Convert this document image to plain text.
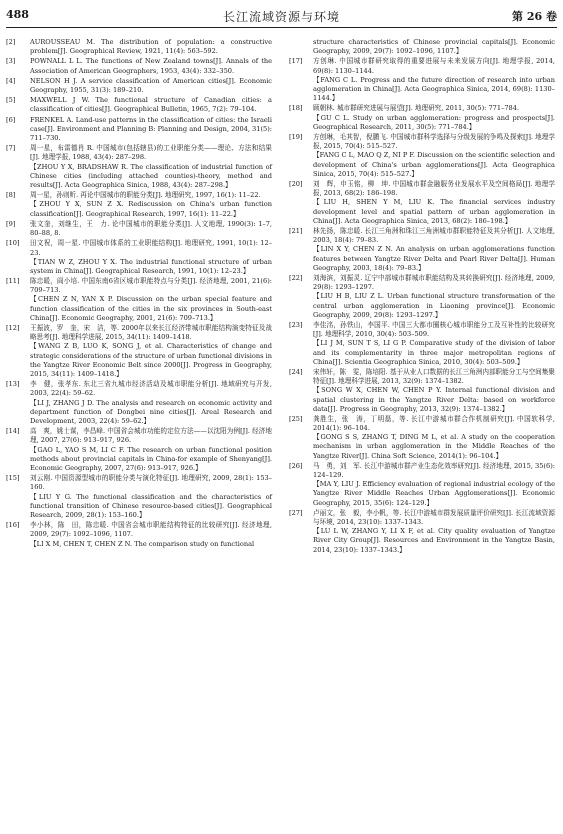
488	长江流域资源与环境	第 26 卷
[2] AUROUSSEAU M. The distribution of population: a constructive problem[J]. Geographical Review, 1921, 11(4): 563–592.
[3] POWNALL L L. The functions of New Zealand towns[J]. Annals of the Association of American Geographers, 1953, 43(4): 332–350.
[4] NELSON H J. A service classification of American cities[J]. Economic Geography, 1955, 31(3): 189–210.
[5] MAXWELL J W. The functional structure of Canadian cities: a classification of cities[J]. Geographical Bulletin, 1965, 7(2): 79–104.
[6] FRENKEL A. Land-use patterns in the classification of cities: the Israeli case[J]. Environment and Planning B: Planning and Design, 2004, 31(5): 711–730.
[7] 周一星，布雷德肖 R. 中国城市(包括辖县)的工业职能分类——理论、方法和结果[J]. 地理学报, 1988, 43(4): 287–298.
【ZHOU Y X, BRADSHAW R. The classification of industrial function of Chinese cities (including attached counties)-theory, method and results[J]. Acta Geographica Sinica, 1988, 43(4): 287–298.】
[8] 周一星，孙则昕. 再论中国城市的职能分类[J]. 地理研究, 1997, 16(1): 11–22.
【ZHOU Y X, SUN Z X. Rediscussion on China's urban function classification[J]. Geographical Research, 1997, 16(1): 11–22.】
[9] 张文奎，刘继生，王　力. 论中国城市的职能分类[J]. 人文地理, 1990(3): 1–7, 80–88, 8.
[10] 田文祝，周一星. 中国城市体系的工业职能结构[J]. 地理研究, 1991, 10(1): 12–23.
【TIAN W Z, ZHOU Y X. The industrial functional structure of urban system in China[J]. Geographical Research, 1991, 10(1): 12–23.】
[11] 陈忠暖，阎小培. 中国东南6省区城市职能特点与分类[J]. 经济地理, 2001, 21(6): 709–713.
【CHEN Z N, YAN X P. Discussion on the urban special feature and function classification of the cities in the six provinces in South-east China[J]. Economic Geography, 2001, 21(6): 709–713.】
[12] 王振波，罗　奎，宋　洁，等. 2000年以来长江经济带城市职能结构演变特征及战略思考[J]. 地理科学进展, 2015, 34(11): 1409–1418.
【WANG Z B, LUO K, SONG J, et al. Characteristics of change and strategic considerations of the structure of urban functional divisions in the Yangtze River Economic Belt since 2000[J]. Progress in Geography, 2015, 34(11): 1409–1418.】
[13] 李　健，张孝东. 东北三省九城市经济活动及城市职能分析[J]. 地域研究与开发, 2003, 22(4): 59–62.
【LI J, ZHANG J D. The analysis and research on economic activity and department function of Dongbei nine cities[J]. Areal Research and Development, 2003, 22(4): 59–62.】
[14] 高　爽，姚士谋，李昌峰. 中国省会城市功能的定位方法——以沈阳为例[J]. 经济地理, 2007, 27(6): 913–917, 926.
【GAO L, YAO S M, LI C F. The research on urban functional position methods about provincial capitals in China-for example of Shenyang[J]. Economic Geography, 2007, 27(6): 913–917, 926.】
[15] 刘云刚. 中国资源型城市的职能分类与演化特征[J]. 地理研究, 2009, 28(1): 153–160.
【LIU Y G. The functional classification and the characteristics of functional transition of Chinese resource-based cities[J]. Geographical Research, 2009, 28(1): 153–160.】
[16] 李小林，陈　田，陈忠暖. 中国省会城市职能结构特征的比较研究[J]. 经济地理, 2009, 29(7): 1092–1096, 1107.
【LI X M, CHEN T, CHEN Z N. The comparison study on functional
structure characteristics of Chinese provincial capitals[J]. Economic Geography, 2009, 29(7): 1092–1096, 1107.】
[17] 方创琳. 中国城市群研究取得的重要进展与未来发展方向[J]. 地理学报, 2014, 69(8): 1130–1144.
【FANG C L. Progress and the future direction of research into urban agglomeration in China[J]. Acta Geographica Sinica, 2014, 69(8): 1130–1144.】
[18] 顾朝林. 城市群研究进展与展望[J]. 地理研究, 2011, 30(5): 771–784.
【GU C L. Study on urban agglomeration: progress and prospects[J]. Geographical Research, 2011, 30(5): 771–784.】
[19] 方创琳，毛其智，倪鹏飞. 中国城市群科学选择与分级发展的争鸣及探索[J]. 地理学报, 2015, 70(4): 515–527.
【FANG C L, MAO Q Z, NI P F. Discussion on the scientific selection and development of China's urban agglomerations[J]. Acta Geographica Sinica, 2015, 70(4): 515–527.】
[20] 刘　辉，申玉铭，柳　坤. 中国城市群金融服务业发展水平及空间格局[J]. 地理学报, 2013, 68(2): 186–198.
【LIU H, SHEN Y M, LIU K. The financial services industry development level and spatial pattern of urban agglomeration in China[J]. Acta Geographica Sinica, 2013, 68(2): 186–198.】
[21] 林先扬，陈忠暖. 长江三角洲和珠江三角洲城市群职能特征及其分析[J]. 人文地理, 2003, 18(4): 79–83.
【LIN X Y, CHEN Z N. An analysis on urban agglomerations function features between Yangtze River Delta and Pearl River Delta[J]. Human Geography, 2003, 18(4): 79–83.】
[22] 刘海滨，刘振灵. 辽宁中部城市群城市职能结构及其转换研究[J]. 经济地理, 2009, 29(8): 1293–1297.
【LIU H B, LIU Z L. Urban functional structure transformation of the central urban agglomeration in Liaoning province[J]. Economic Geography, 2009, 29(8): 1293–1297.】
[23] 李佳洺，孙铁山，李国平. 中国三大都市圈核心城市职能分工及互补性的比较研究[J]. 地理科学, 2010, 30(4): 503–509.
【LI J M, SUN T S, LI G P. Comparative study of the division of labor and its complementarity in three major metropolitan regions of China[J]. Scientia Geographica Sinica, 2010, 30(4): 503–509.】
[24] 宋伟轩，陈　雯，陈培阳. 基于从业人口数据的长江三角洲内部职能分工与空间集聚特征[J]. 地理科学进展, 2013, 32(9): 1374–1382.
【SONG W X, CHEN W, CHEN P Y. Internal functional division and spatial clustering in the Yangtze River Delta: based on workforce data[J]. Progress in Geography, 2013, 32(9): 1374–1382.】
[25] 龚胜生，张　涛，丁明磊，等. 长江中游城市群合作机制研究[J]. 中国软科学, 2014(1): 96–104.
【GONG S S, ZHANG T, DING M L, et al. A study on the cooperation mechanism in urban agglomeration in the Middle Reaches of the Yangtze River[J]. China Soft Science, 2014(1): 96–104.】
[26] 马　勇，刘　军. 长江中游城市群产业生态化效率研究[J]. 经济地理, 2015, 35(6): 124–129.
【MA Y, LIU J. Efficiency evaluation of regional industrial ecology of the Yangtze River Middle Reaches Urban Agglomerations[J]. Economic Geography, 2015, 35(6): 124–129.】
[27] 卢丽文，张　毅，李小帆，等. 长江中游城市群发展质量评价研究[J]. 长江流域资源与环境, 2014, 23(10): 1337–1343.
【LU L W, ZHANG Y, LI X F, et al. City quality evaluation of Yangtze River City Group[J]. Resources and Environment in the Yangtze Basin, 2014, 23(10): 1337–1343.】
